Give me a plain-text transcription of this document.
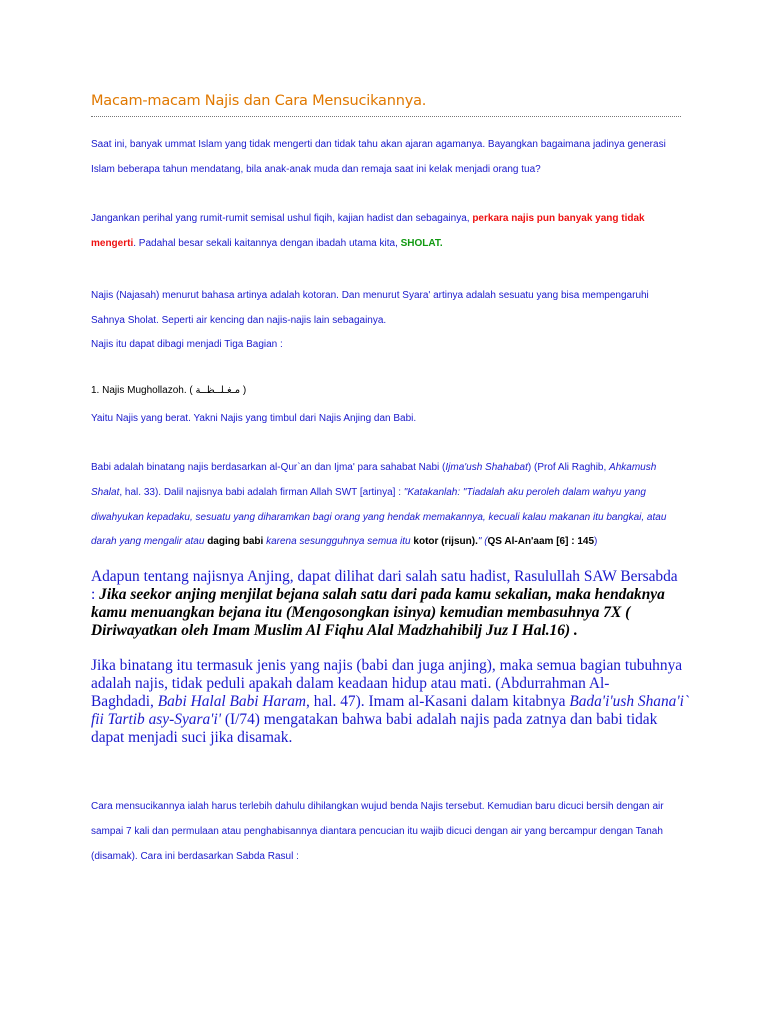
Macam-macam Najis dan Cara Mensucikannya.
Saat ini, banyak ummat Islam yang tidak mengerti dan tidak tahu akan ajaran agamanya. Bayangkan bagaimana jadinya generasi
Islam beberapa tahun mendatang, bila anak-anak muda dan remaja saat ini kelak menjadi orang tua?
Jangankan perihal yang rumit-rumit semisal ushul fiqih, kajian hadist dan sebagainya, perkara najis pun banyak yang tidak
mengerti. Padahal besar sekali kaitannya dengan ibadah utama kita, SHOLAT.
Najis (Najasah) menurut bahasa artinya adalah kotoran. Dan menurut Syara' artinya adalah sesuatu yang bisa mempengaruhi
Sahnya Sholat. Seperti air kencing dan najis-najis lain sebagainya.
Najis itu dapat dibagi menjadi Tiga Bagian :
1. Najis Mughollazoh. ( مـغـلــظــة )
Yaitu Najis yang berat. Yakni Najis yang timbul dari Najis Anjing dan Babi.
Babi adalah binatang najis berdasarkan al-Qur`an dan Ijma' para sahabat Nabi (Ijma'ush Shahabat) (Prof Ali Raghib, Ahkamush
Shalat, hal. 33). Dalil najisnya babi adalah firman Allah SWT [artinya] : "Katakanlah: "Tiadalah aku peroleh dalam wahyu yang
diwahyukan kepadaku, sesuatu yang diharamkan bagi orang yang hendak memakannya, kecuali kalau makanan itu bangkai, atau
darah yang mengalir atau daging babi karena sesungguhnya semua itu kotor (rijsun)." (QS Al-An'aam [6] : 145)
Adapun tentang najisnya Anjing, dapat dilihat dari salah satu hadist, Rasulullah SAW Bersabda
: Jika seekor anjing menjilat bejana salah satu dari pada kamu sekalian, maka hendaknya
kamu menuangkan bejana itu (Mengosongkan isinya) kemudian membasuhnya 7X (
Diriwayatkan oleh Imam Muslim Al Fiqhu Alal Madzhahibilj Juz I Hal.16) .
Jika binatang itu termasuk jenis yang najis (babi dan juga anjing), maka semua bagian tubuhnya
adalah najis, tidak peduli apakah dalam keadaan hidup atau mati. (Abdurrahman Al-
Baghdadi, Babi Halal Babi Haram, hal. 47). Imam al-Kasani dalam kitabnya Bada'i'ush Shana'i`
fii Tartib asy-Syara'i' (I/74) mengatakan bahwa babi adalah najis pada zatnya dan babi tidak
dapat menjadi suci jika disamak.
Cara mensucikannya ialah harus terlebih dahulu dihilangkan wujud benda Najis tersebut. Kemudian baru dicuci bersih dengan air
sampai 7 kali dan permulaan atau penghabisannya diantara pencucian itu wajib dicuci dengan air yang bercampur dengan Tanah
(disamak). Cara ini berdasarkan Sabda Rasul :
